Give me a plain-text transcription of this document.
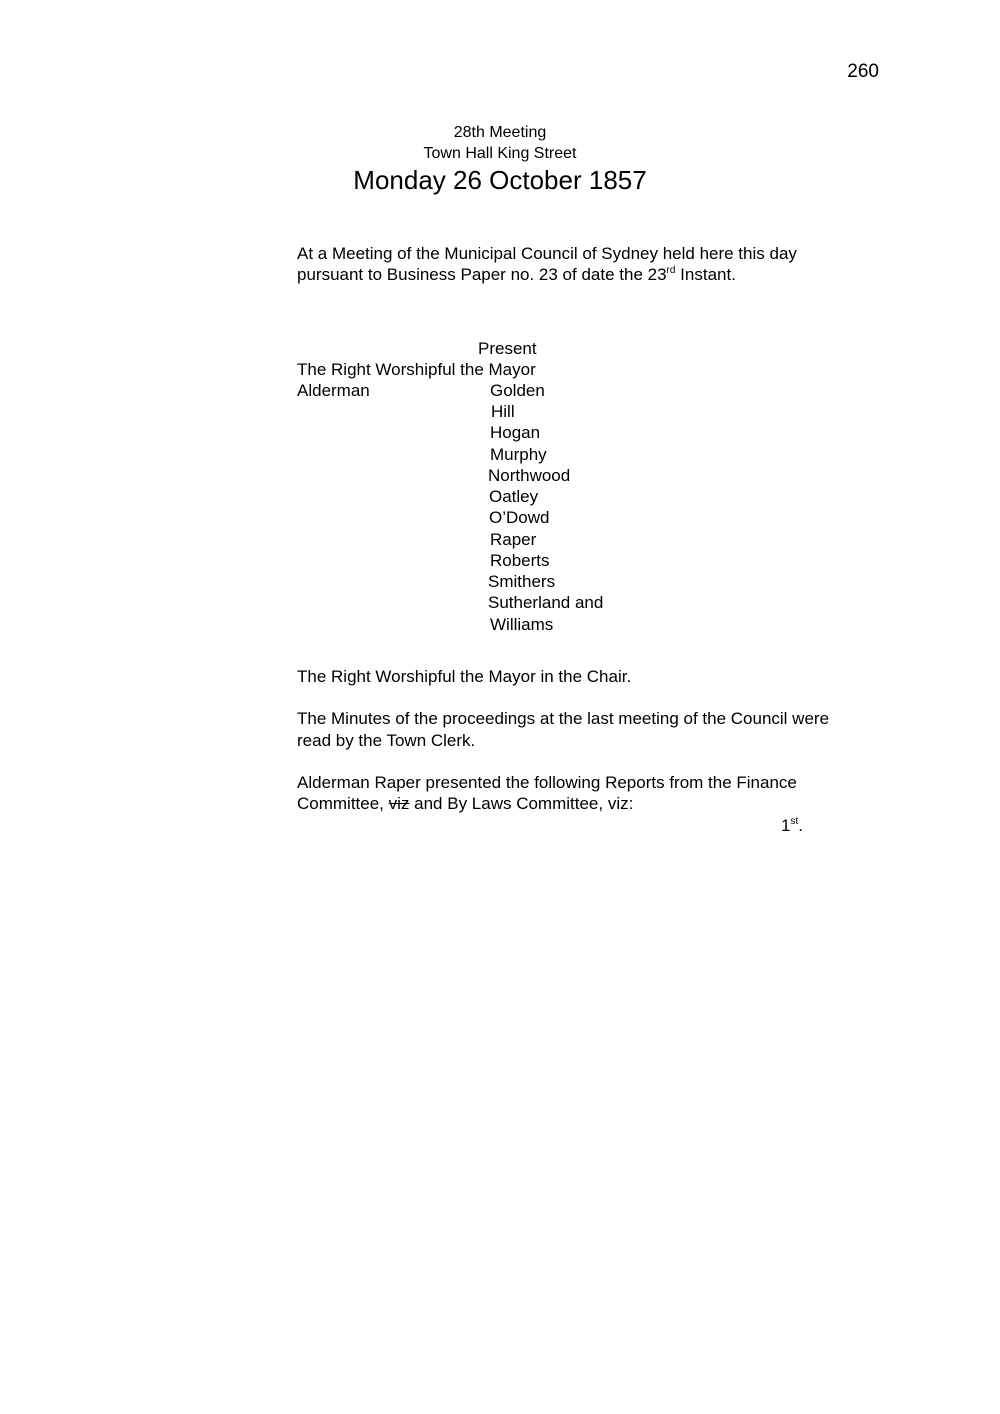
260
28th Meeting
Town Hall King Street
Monday 26 October 1857
At a Meeting of the Municipal Council of Sydney held here this day
pursuant to Business Paper no. 23 of date the 23rd Instant.
Present
The Right Worshipful the Mayor
Alderman	Golden
Hill
Hogan
Murphy
Northwood
Oatley
O’Dowd
Raper
Roberts
Smithers
Sutherland and
Williams
The Right Worshipful the Mayor in the Chair.
The Minutes of the proceedings at the last meeting of the Council were
read by the Town Clerk.
Alderman Raper presented the following Reports from the Finance
Committee, viz and By Laws Committee, viz:
1st.
